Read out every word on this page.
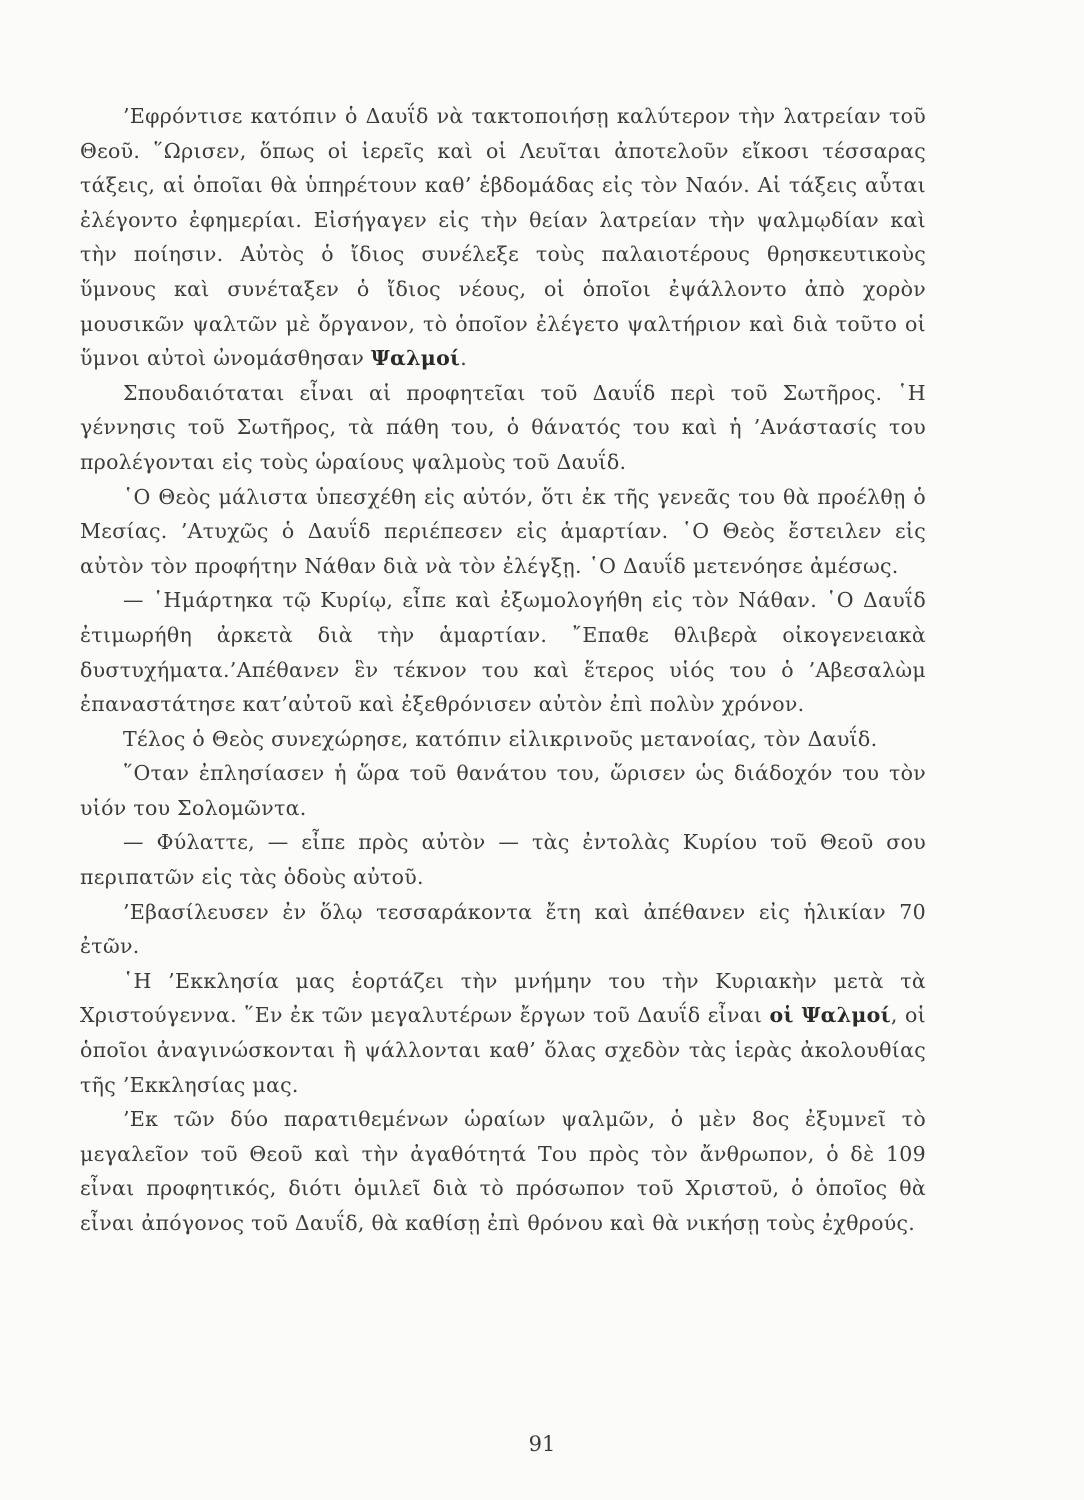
’Εφρόντισε κατόπιν ὁ Δαυΐδ νὰ τακτοποιήσῃ καλύτερον τὴν λατρείαν τοῦ Θεοῦ. ῞Ωρισεν, ὅπως οἱ ἱερεῖς καὶ οἱ Λευῖται ἀποτελοῦν εἴκοσι τέσσαρας τάξεις, αἱ ὁποῖαι θὰ ὑπηρέτουν καθ’ ἑβδομάδας εἰς τὸν Ναόν. Αἱ τάξεις αὗται ἐλέγοντο ἐφημερίαι. Εἰσήγαγεν εἰς τὴν θείαν λατρείαν τὴν ψαλμῳδίαν καὶ τὴν ποίησιν. Αὐτὸς ὁ ἴδιος συνέλεξε τοὺς παλαιοτέρους θρησκευτικοὺς ὕμνους καὶ συνέταξεν ὁ ἴδιος νέους, οἱ ὁποῖοι ἐψάλλοντο ἀπὸ χορὸν μουσικῶν ψαλτῶν μὲ ὄργανον, τὸ ὁποῖον ἐλέγετο ψαλτήριον καὶ διὰ τοῦτο οἱ ὕμνοι αὐτοὶ ὠνομάσθησαν Ψαλμοί.

Σπουδαιόταται εἶναι αἱ προφητεῖαι τοῦ Δαυΐδ περὶ τοῦ Σωτῆρος. ῾Η γέννησις τοῦ Σωτῆρος, τὰ πάθη του, ὁ θάνατός του καὶ ἡ ’Ανάστασίς του προλέγονται εἰς τοὺς ὡραίους ψαλμοὺς τοῦ Δαυΐδ.

῾Ο Θεὸς μάλιστα ὑπεσχέθη εἰς αὐτόν, ὅτι ἐκ τῆς γενεᾶς του θὰ προέλθῃ ὁ Μεσίας. ’Ατυχῶς ὁ Δαυΐδ περιέπεσεν εἰς ἁμαρτίαν. ῾Ο Θεὸς ἔστειλεν εἰς αὐτὸν τὸν προφήτην Νάθαν διὰ νὰ τὸν ἐλέγξῃ. ῾Ο Δαυΐδ μετενόησε ἀμέσως.

— ῾Ημάρτηκα τῷ Κυρίῳ, εἶπε καὶ ἐξωμολογήθη εἰς τὸν Νάθαν. ῾Ο Δαυΐδ ἐτιμωρήθη ἀρκετὰ διὰ τὴν ἁμαρτίαν. ῎Επαθε θλιβερὰ οἰκογενειακὰ δυστυχήματα.’Απέθανεν ἓν τέκνον του καὶ ἕτερος υἱός του ὁ ’Αβεσαλὼμ ἐπαναστάτησε κατ’αὐτοῦ καὶ ἐξεθρόνισεν αὐτὸν ἐπὶ πολὺν χρόνον.

Τέλος ὁ Θεὸς συνεχώρησε, κατόπιν εἰλικρινοῦς μετανοίας, τὸν Δαυΐδ.

῞Οταν ἐπλησίασεν ἡ ὥρα τοῦ θανάτου του, ὥρισεν ὡς διάδοχόν του τὸν υἱόν του Σολομῶντα.

— Φύλαττε, — εἶπε πρὸς αὐτὸν — τὰς ἐντολὰς Κυρίου τοῦ Θεοῦ σου περιπατῶν εἰς τὰς ὁδοὺς αὐτοῦ.

’Εβασίλευσεν ἐν ὅλῳ τεσσαράκοντα ἔτη καὶ ἀπέθανεν εἰς ἡλικίαν 70 ἐτῶν.

῾Η ’Εκκλησία μας ἑορτάζει τὴν μνήμην του τὴν Κυριακὴν μετὰ τὰ Χριστούγεννα. ῞Εν ἐκ τῶν μεγαλυτέρων ἔργων τοῦ Δαυΐδ εἶναι οἱ Ψαλμοί, οἱ ὁποῖοι ἀναγινώσκονται ἢ ψάλλονται καθ’ ὅλας σχεδὸν τὰς ἱερὰς ἀκολουθίας τῆς ’Εκκλησίας μας.

’Εκ τῶν δύο παρατιθεμένων ὡραίων ψαλμῶν, ὁ μὲν 8ος ἐξυμνεῖ τὸ μεγαλεῖον τοῦ Θεοῦ καὶ τὴν ἀγαθότητά Του πρὸς τὸν ἄνθρωπον, ὁ δὲ 109 εἶναι προφητικός, διότι ὁμιλεῖ διὰ τὸ πρόσωπον τοῦ Χριστοῦ, ὁ ὁποῖος θὰ εἶναι ἀπόγονος τοῦ Δαυΐδ, θὰ καθίσῃ ἐπὶ θρόνου καὶ θὰ νικήσῃ τοὺς ἐχθρούς.

91
